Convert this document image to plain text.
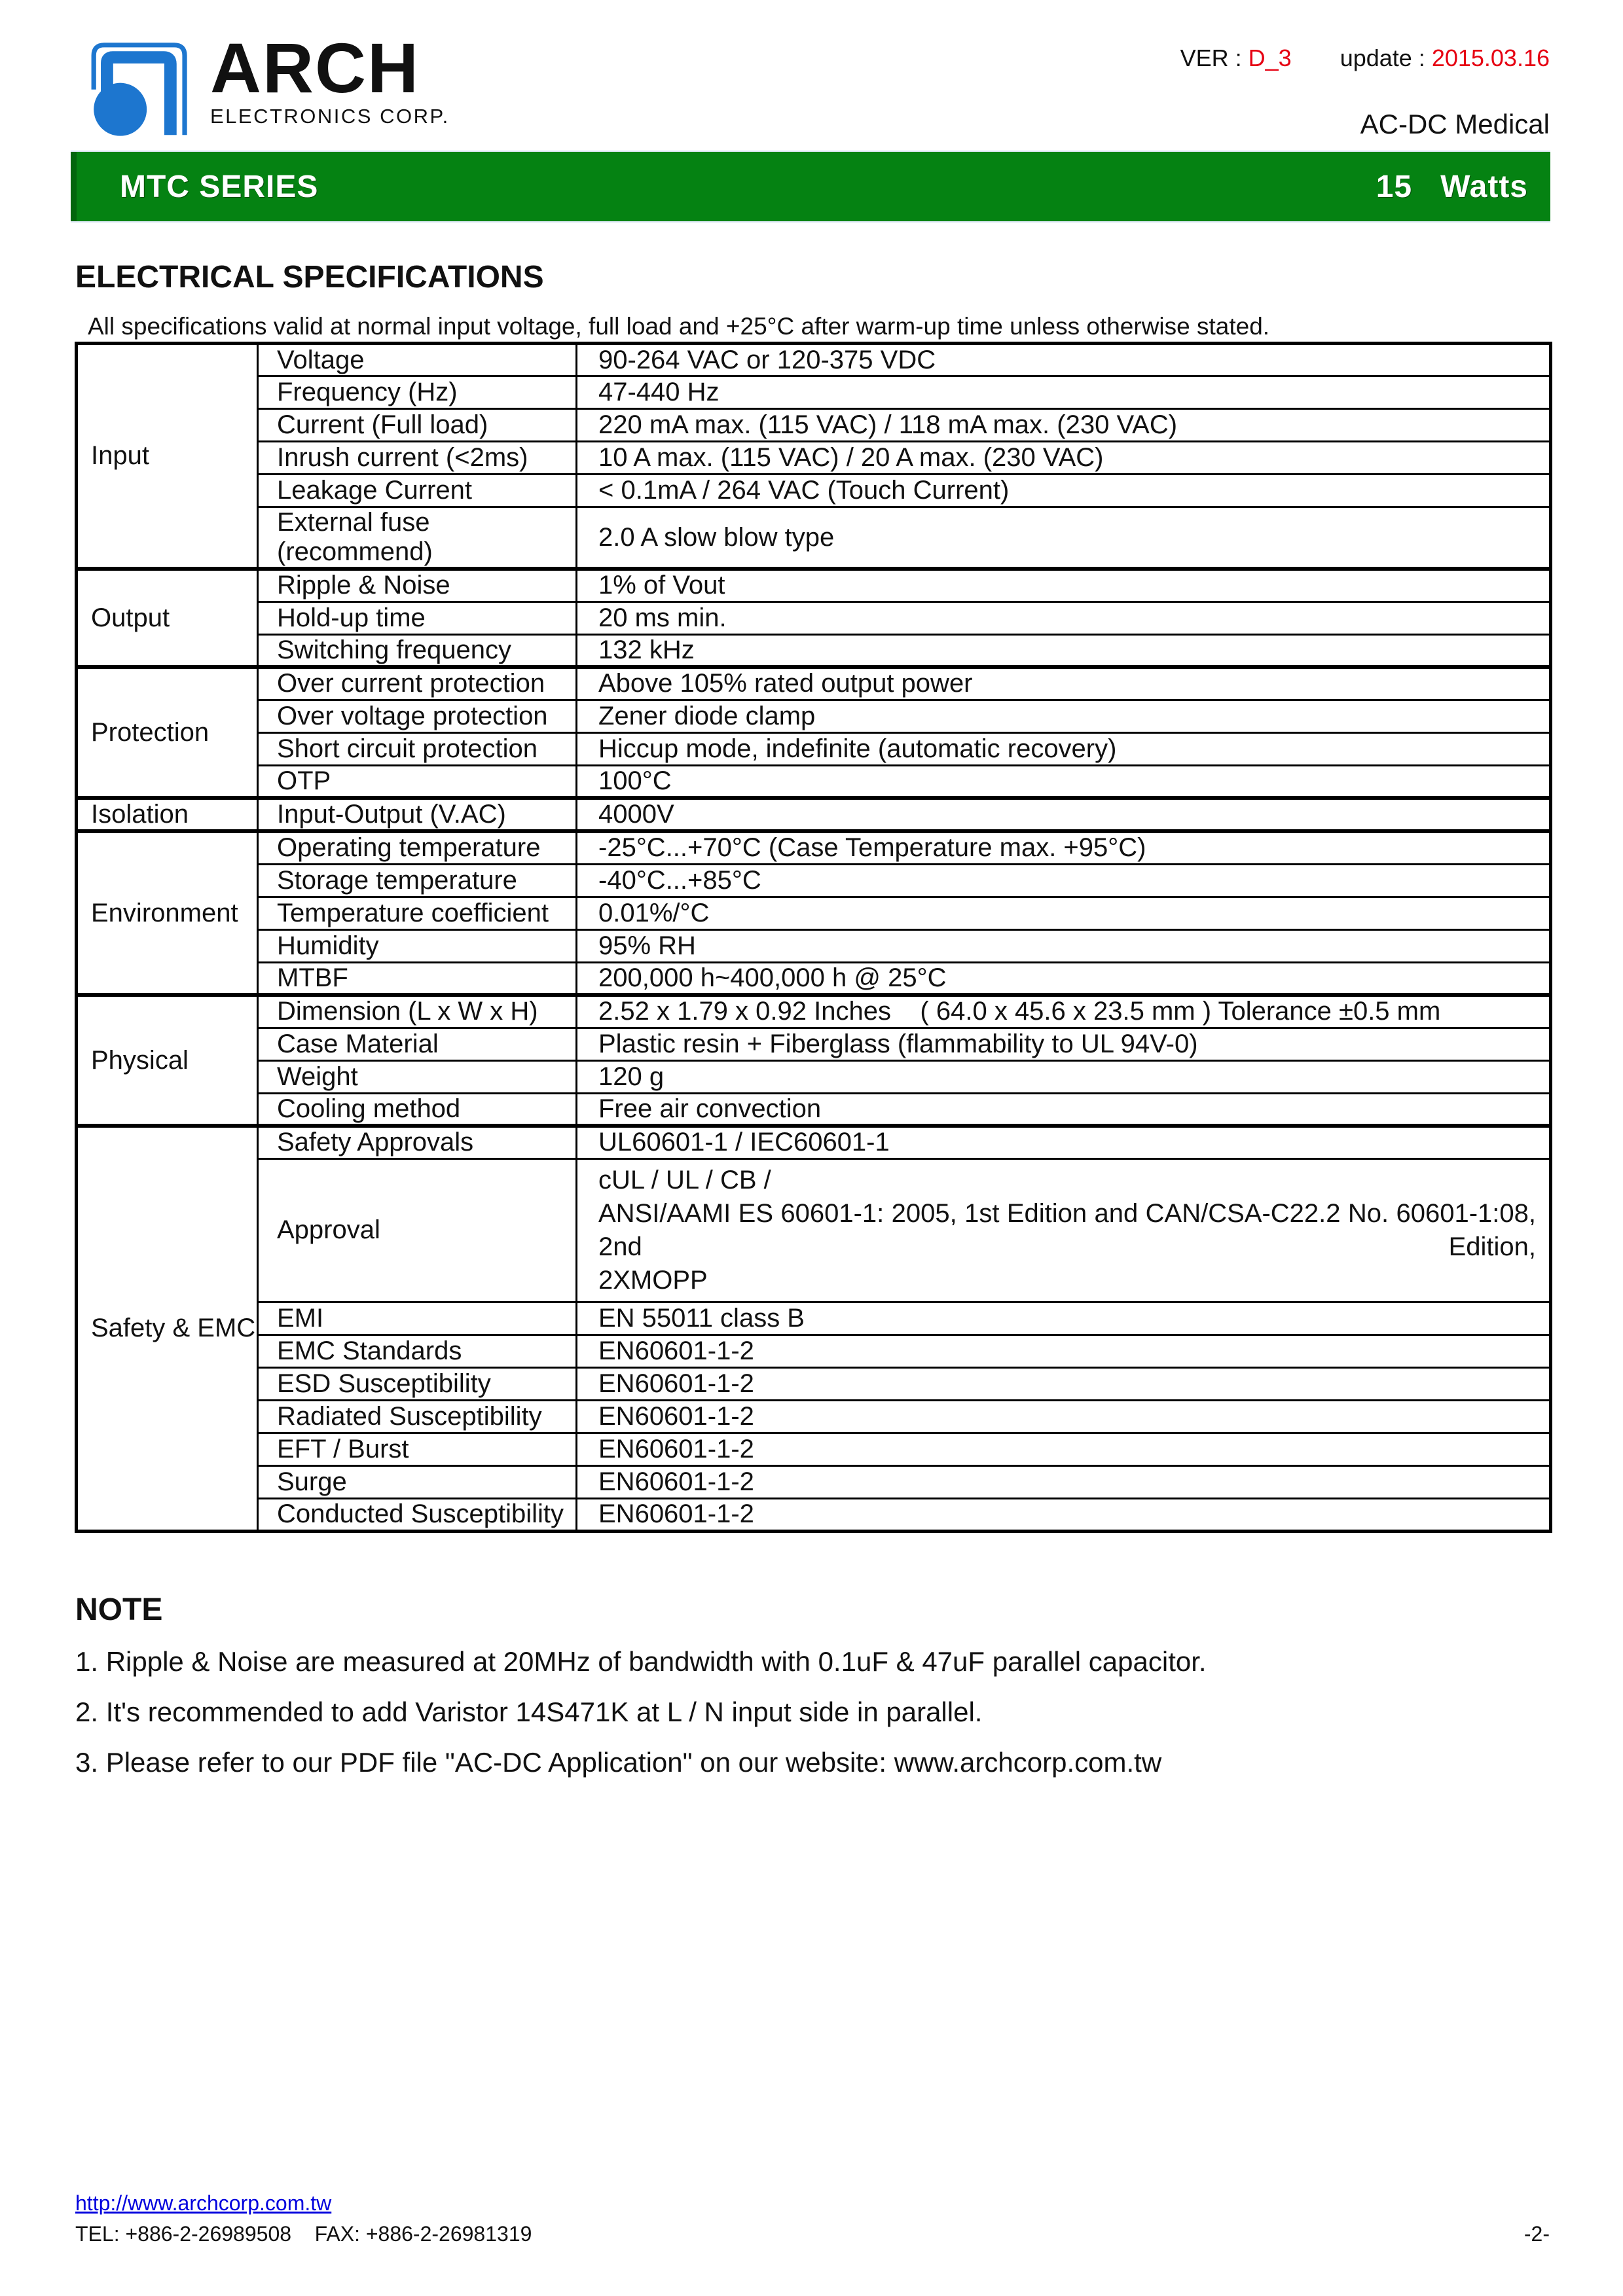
ARCH
ELECTRONICS CORP.
VER : D_3 update : 2015.03.16
AC-DC Medical
MTC SERIES	15   Watts
ELECTRICAL SPECIFICATIONS
All specifications valid at normal input voltage, full load and +25°C after warm-up time unless otherwise stated.
Input	Voltage	90-264 VAC or 120-375 VDC
	Frequency (Hz)	47-440 Hz
	Current (Full load)	220 mA max. (115 VAC) / 118 mA max. (230 VAC)
	Inrush current (<2ms)	10 A max. (115 VAC) / 20 A max. (230 VAC)
	Leakage Current	< 0.1mA / 264 VAC (Touch Current)
	External fuse (recommend)	2.0 A slow blow type
Output	Ripple & Noise	1% of Vout
	Hold-up time	20 ms min.
	Switching frequency	132 kHz
Protection	Over current protection	Above 105% rated output power
	Over voltage protection	Zener diode clamp
	Short circuit protection	Hiccup mode, indefinite (automatic recovery)
	OTP	100°C
Isolation	Input-Output (V.AC)	4000V
Environment	Operating temperature	-25°C...+70°C (Case Temperature max. +95°C)
	Storage temperature	-40°C...+85°C
	Temperature coefficient	0.01%/°C
	Humidity	95% RH
	MTBF	200,000 h~400,000 h @ 25°C
Physical	Dimension (L x W x H)	2.52 x 1.79 x 0.92 Inches    ( 64.0 x 45.6 x 23.5 mm ) Tolerance ±0.5 mm
	Case Material	Plastic resin + Fiberglass (flammability to UL 94V-0)
	Weight	120 g
	Cooling method	Free air convection
Safety & EMC	Safety Approvals	UL60601-1 / IEC60601-1
	Approval	cUL / UL / CB /
ANSI/AAMI ES 60601-1: 2005, 1st Edition and CAN/CSA-C22.2 No. 60601-1:08, 2nd Edition,
2XMOPP

	EMI	EN 55011 class B
	EMC Standards	EN60601-1-2
	ESD Susceptibility	EN60601-1-2
	Radiated Susceptibility	EN60601-1-2
	EFT / Burst	EN60601-1-2
	Surge	EN60601-1-2
	Conducted Susceptibility	EN60601-1-2
NOTE
1. Ripple & Noise are measured at 20MHz of bandwidth with 0.1uF & 47uF parallel capacitor.
2. It's recommended to add Varistor 14S471K at L / N input side in parallel.
3. Please refer to our PDF file "AC-DC Application" on our website: www.archcorp.com.tw
http://www.archcorp.com.tw
TEL: +886-2-26989508 FAX: +886-2-26981319	-2-
